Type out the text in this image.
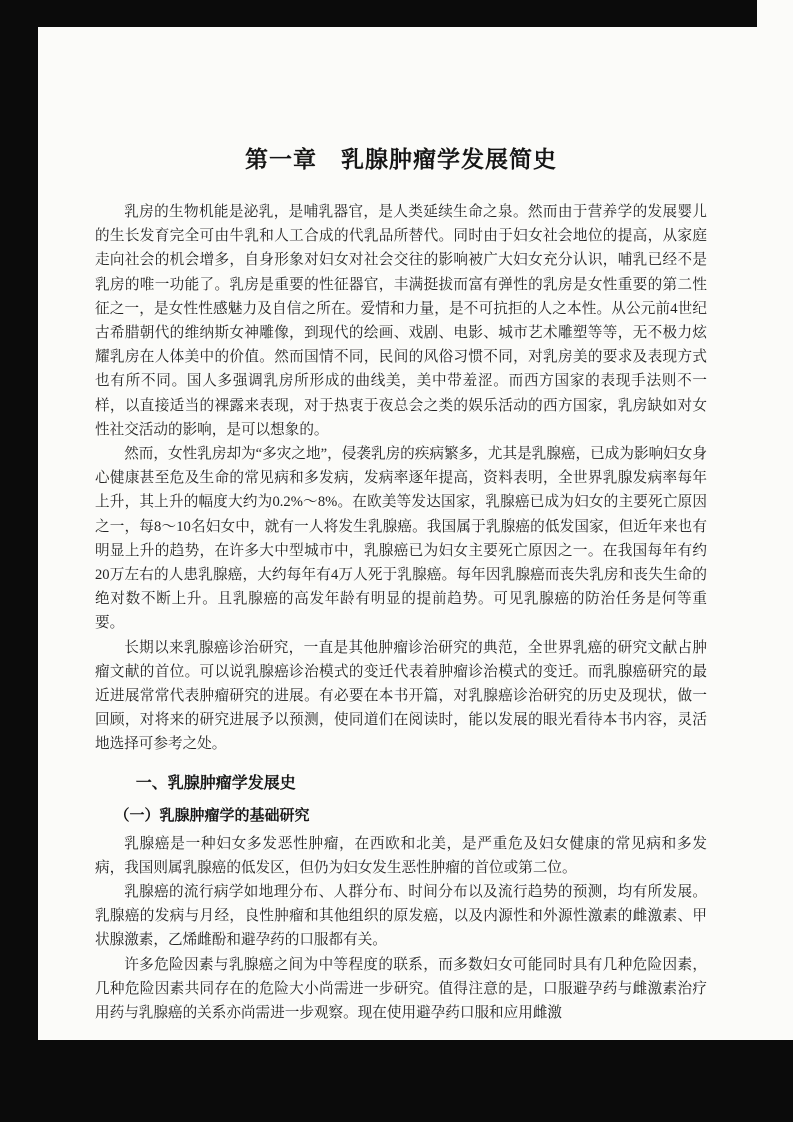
第一章　乳腺肿瘤学发展简史

乳房的生物机能是泌乳，是哺乳器官，是人类延续生命之泉。然而由于营养学的发展婴儿的生长发育完全可由牛乳和人工合成的代乳品所替代。同时由于妇女社会地位的提高，从家庭走向社会的机会增多，自身形象对妇女对社会交往的影响被广大妇女充分认识，哺乳已经不是乳房的唯一功能了。乳房是重要的性征器官，丰满挺拔而富有弹性的乳房是女性重要的第二性征之一，是女性性感魅力及自信之所在。爱情和力量，是不可抗拒的人之本性。从公元前4世纪古希腊朝代的维纳斯女神雕像，到现代的绘画、戏剧、电影、城市艺术雕塑等等，无不极力炫耀乳房在人体美中的价值。然而国情不同，民间的风俗习惯不同，对乳房美的要求及表现方式也有所不同。国人多强调乳房所形成的曲线美，美中带羞涩。而西方国家的表现手法则不一样，以直接适当的裸露来表现，对于热衷于夜总会之类的娱乐活动的西方国家，乳房缺如对女性社交活动的影响，是可以想象的。

然而，女性乳房却为“多灾之地”，侵袭乳房的疾病繁多，尤其是乳腺癌，已成为影响妇女身心健康甚至危及生命的常见病和多发病，发病率逐年提高，资料表明，全世界乳腺发病率每年上升，其上升的幅度大约为0.2%～8%。在欧美等发达国家，乳腺癌已成为妇女的主要死亡原因之一，每8～10名妇女中，就有一人将发生乳腺癌。我国属于乳腺癌的低发国家，但近年来也有明显上升的趋势，在许多大中型城市中，乳腺癌已为妇女主要死亡原因之一。在我国每年有约20万左右的人患乳腺癌，大约每年有4万人死于乳腺癌。每年因乳腺癌而丧失乳房和丧失生命的绝对数不断上升。且乳腺癌的高发年龄有明显的提前趋势。可见乳腺癌的防治任务是何等重要。

长期以来乳腺癌诊治研究，一直是其他肿瘤诊治研究的典范，全世界乳癌的研究文献占肿瘤文献的首位。可以说乳腺癌诊治模式的变迁代表着肿瘤诊治模式的变迁。而乳腺癌研究的最近进展常常代表肿瘤研究的进展。有必要在本书开篇，对乳腺癌诊治研究的历史及现状，做一回顾，对将来的研究进展予以预测，使同道们在阅读时，能以发展的眼光看待本书内容，灵活地选择可参考之处。

一、乳腺肿瘤学发展史
（一）乳腺肿瘤学的基础研究

乳腺癌是一种妇女多发恶性肿瘤，在西欧和北美，是严重危及妇女健康的常见病和多发病，我国则属乳腺癌的低发区，但仍为妇女发生恶性肿瘤的首位或第二位。

乳腺癌的流行病学如地理分布、人群分布、时间分布以及流行趋势的预测，均有所发展。乳腺癌的发病与月经，良性肿瘤和其他组织的原发癌，以及内源性和外源性激素的雌激素、甲状腺激素，乙烯雌酚和避孕药的口服都有关。

许多危险因素与乳腺癌之间为中等程度的联系，而多数妇女可能同时具有几种危险因素，几种危险因素共同存在的危险大小尚需进一步研究。值得注意的是，口服避孕药与雌激素治疗用药与乳腺癌的关系亦尚需进一步观察。现在使用避孕药口服和应用雌激
